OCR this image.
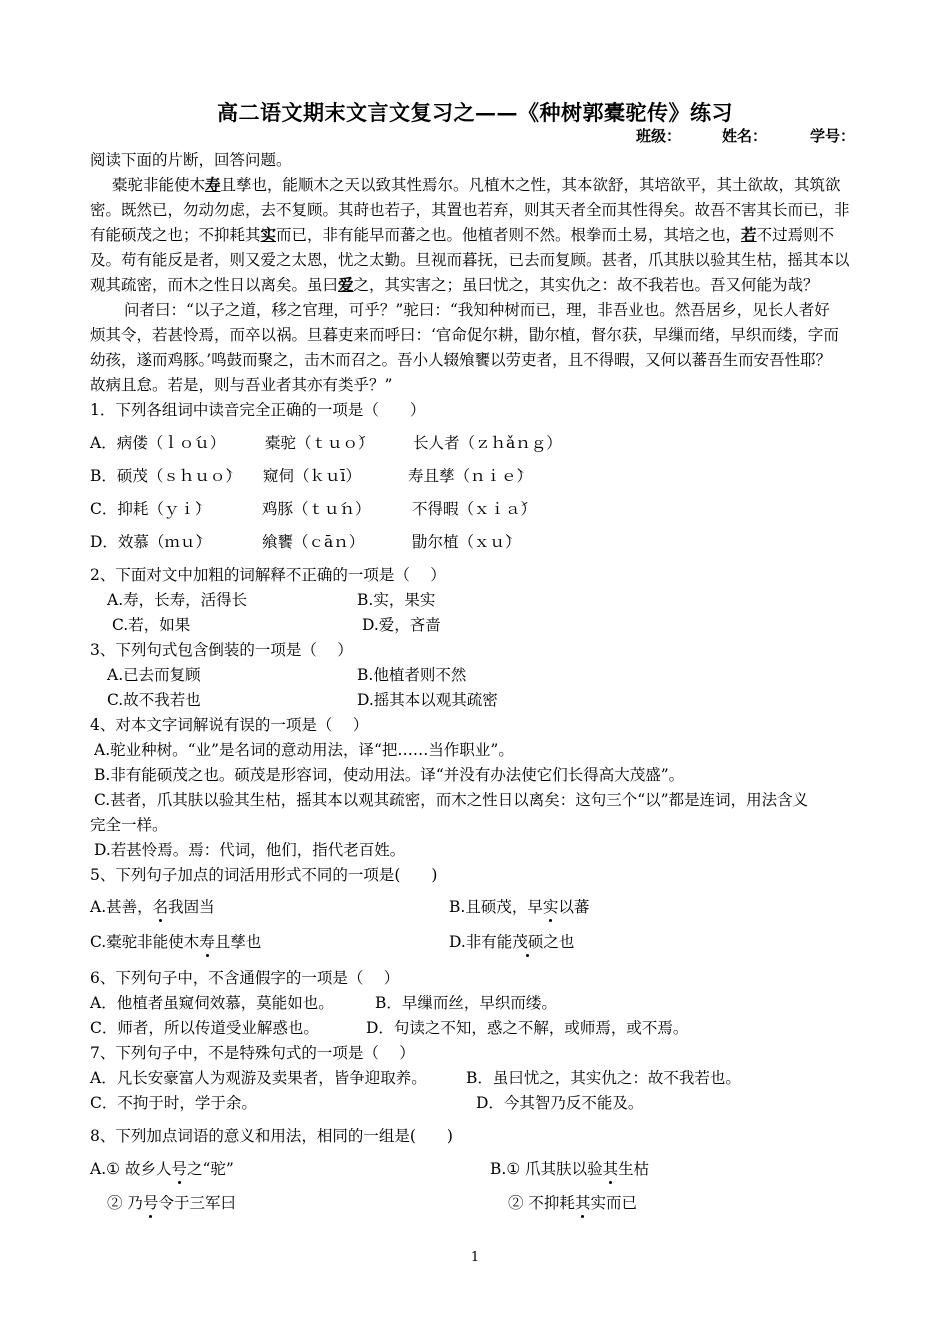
高二语文期末文言文复习之——《种树郭橐驼传》练习
班级：	姓名：	学号：
阅读下面的片断，回答问题。
橐驼非能使木寿且孳也，能顺木之天以致其性焉尔。凡植木之性，其本欲舒，其培欲平，其土欲故，其筑欲
密。既然已，勿动勿虑，去不复顾。其莳也若子，其置也若弃，则其天者全而其性得矣。故吾不害其长而已，非
有能硕茂之也；不抑耗其实而已，非有能早而蕃之也。他植者则不然。根拳而土易，其培之也，若不过焉则不
及。苟有能反是者，则又爱之太恩，忧之太勤。旦视而暮抚，已去而复顾。甚者，爪其肤以验其生枯，摇其本以
观其疏密，而木之性日以离矣。虽曰爱之，其实害之；虽曰忧之，其实仇之：故不我若也。吾又何能为哉？
问者曰：“以子之道，移之官理，可乎？”驼曰：“我知种树而已，理，非吾业也。然吾居乡，见长人者好
烦其令，若甚怜焉，而卒以祸。旦暮吏来而呼曰：‘官命促尔耕，勖尔植，督尔获，早缫而绪，早织而缕，字而
幼孩，遂而鸡豚。’鸣鼓而聚之，击木而召之。吾小人辍飧饔以劳吏者，且不得暇，又何以蕃吾生而安吾性耶？
故病且怠。若是，则与吾业者其亦有类乎？”
1．下列各组词中读音完全正确的一项是（　　）
A．病偻（ｌｏ́ｕ）	橐驼（ｔｕｏ́）	长人者（ｚｈǎｎｇ）
B．硕茂（ｓｈｕｏ̀） 窥伺（ｋｕī）	寿且孳（ｎｉｅ̀）
C．抑耗（ｙｉ̀）	鸡豚（ｔｕ́ｎ）	不得暇（ｘｉａ́）
D．效慕（ｍｕ̀）	飨饔（ｃāｎ）	勖尔植（ｘｕ̀）
2、下面对文中加粗的词解释不正确的一项是（　 ）
A.寿，长寿，活得长	B.实，果实
C.若，如果	D.爱，吝啬
3、下列句式包含倒装的一项是（　 ）
A.已去而复顾	B.他植者则不然
C.故不我若也	D.摇其本以观其疏密
4、对本文字词解说有误的一项是（　 ）
A.驼业种树。“业”是名词的意动用法，译“把……当作职业”。
B.非有能硕茂之也。硕茂是形容词，使动用法。译“并没有办法使它们长得高大茂盛”。
C.甚者，爪其肤以验其生枯，摇其本以观其疏密，而木之性日以离矣：这句三个“以”都是连词，用法含义
完全一样。
D.若甚怜焉。焉：代词，他们，指代老百姓。
5、下列句子加点的词活用形式不同的一项是(　　)
A.甚善，名我固当	B.且硕茂，早实以蕃
C.橐驼非能使木寿且孳也	D.非有能茂硕之也
6、下列句子中，不含通假字的一项是（　 ）
A．他植者虽窥伺效慕，莫能如也。	B．早缫而丝，早织而缕。
C．师者，所以传道受业解惑也。	D．句读之不知，惑之不解，或师焉，或不焉。
7、下列句子中，不是特殊句式的一项是（　 ）
A．凡长安豪富人为观游及卖果者，皆争迎取养。	B．虽曰忧之，其实仇之：故不我若也。
C．不拘于时，学于余。	D．今其智乃反不能及。
8、下列加点词语的意义和用法，相同的一组是(　　)
A.① 故乡人号之“驼”	B.① 爪其肤以验其生枯
② 乃号令于三军曰	② 不抑耗其实而已
1
